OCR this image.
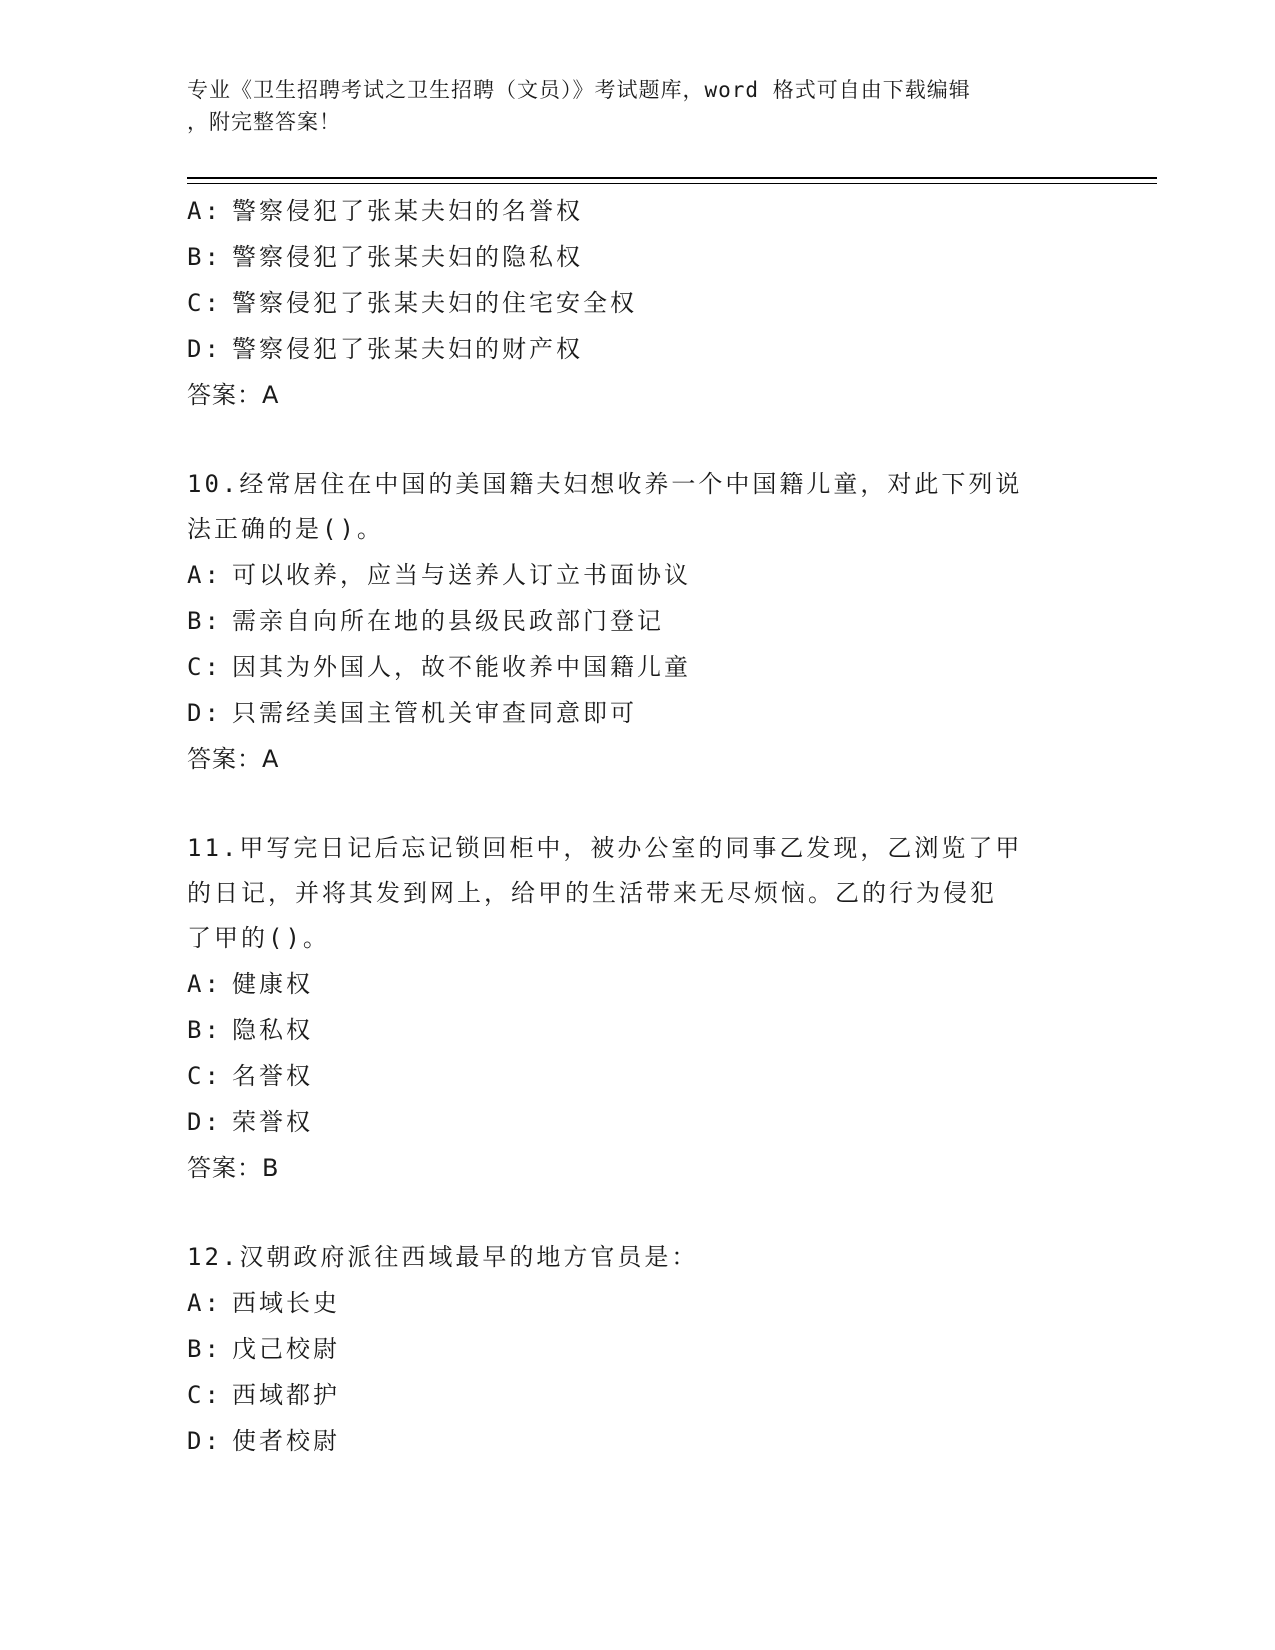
专业《卫生招聘考试之卫生招聘（文员）》考试题库，word 格式可自由下载编辑
，附完整答案！
A: 警察侵犯了张某夫妇的名誉权
B: 警察侵犯了张某夫妇的隐私权
C: 警察侵犯了张某夫妇的住宅安全权
D: 警察侵犯了张某夫妇的财产权
答案：A
10.经常居住在中国的美国籍夫妇想收养一个中国籍儿童，对此下列说
法正确的是()。
A: 可以收养，应当与送养人订立书面协议
B: 需亲自向所在地的县级民政部门登记
C: 因其为外国人，故不能收养中国籍儿童
D: 只需经美国主管机关审查同意即可
答案：A
11.甲写完日记后忘记锁回柜中，被办公室的同事乙发现，乙浏览了甲
的日记，并将其发到网上，给甲的生活带来无尽烦恼。乙的行为侵犯
了甲的()。
A: 健康权
B: 隐私权
C: 名誉权
D: 荣誉权
答案：B
12.汉朝政府派往西域最早的地方官员是：
A: 西域长史
B: 戊己校尉
C: 西域都护
D: 使者校尉
